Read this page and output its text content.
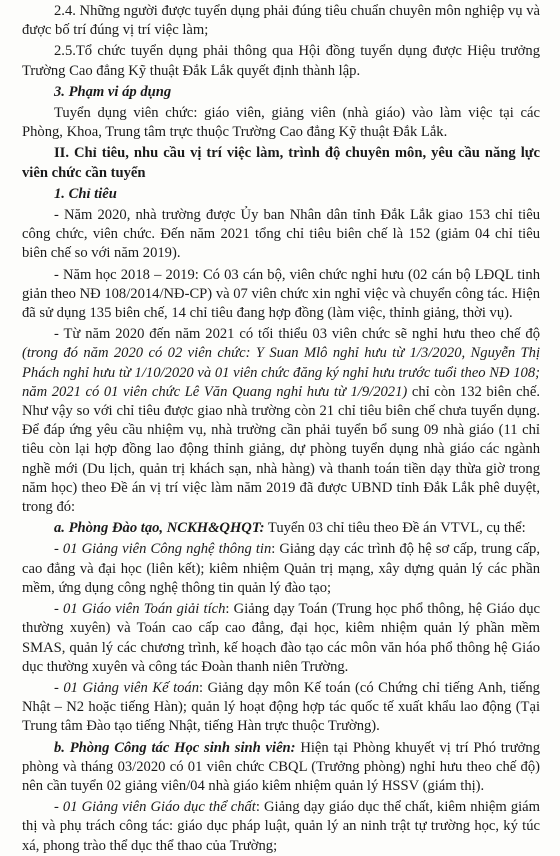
2.4. Những người được tuyển dụng phải đúng tiêu chuẩn chuyên môn nghiệp vụ và được bố trí đúng vị trí việc làm;

2.5.Tổ chức tuyển dụng phải thông qua Hội đồng tuyển dụng được Hiệu trưởng Trường Cao đẳng Kỹ thuật Đắk Lắk quyết định thành lập.

3. Phạm vi áp dụng

Tuyển dụng viên chức: giáo viên, giảng viên (nhà giáo) vào làm việc tại các Phòng, Khoa, Trung tâm trực thuộc Trường Cao đẳng Kỹ thuật Đắk Lắk.

II. Chỉ tiêu, nhu cầu vị trí việc làm, trình độ chuyên môn, yêu cầu năng lực viên chức cần tuyển

1. Chỉ tiêu

- Năm 2020, nhà trường được Ủy ban Nhân dân tỉnh Đắk Lắk giao 153 chỉ tiêu công chức, viên chức. Đến năm 2021 tổng chỉ tiêu biên chế là 152 (giảm 04 chỉ tiêu biên chế so với năm 2019).

- Năm học 2018 – 2019: Có 03 cán bộ, viên chức nghỉ hưu (02 cán bộ LĐQL tinh giản theo NĐ 108/2014/NĐ-CP) và 07 viên chức xin nghỉ việc và chuyển công tác. Hiện đã sử dụng 135 biên chế, 14 chỉ tiêu đang hợp đồng (làm việc, thỉnh giảng, thời vụ).

- Từ năm 2020 đến năm 2021 có tối thiểu 03 viên chức sẽ nghỉ hưu theo chế độ (trong đó năm 2020 có 02 viên chức: Y Suan Mlô nghỉ hưu từ 1/3/2020, Nguyễn Thị Phách nghỉ hưu từ 1/10/2020 và 01 viên chức đăng ký nghỉ hưu trước tuổi theo NĐ 108; năm 2021 có 01 viên chức Lê Văn Quang nghỉ hưu từ 1/9/2021) chỉ còn 132 biên chế. Như vậy so với chỉ tiêu được giao nhà trường còn 21 chỉ tiêu biên chế chưa tuyển dụng. Để đáp ứng yêu cầu nhiệm vụ, nhà trường cần phải tuyển bổ sung 09 nhà giáo (11 chỉ tiêu còn lại hợp đồng lao động thỉnh giảng, dự phòng tuyển dụng nhà giáo các ngành nghề mới (Du lịch, quản trị khách sạn, nhà hàng) và thanh toán tiền dạy thừa giờ trong năm học) theo Đề án vị trí việc làm năm 2019 đã được UBND tỉnh Đắk Lắk phê duyệt, trong đó:

a. Phòng Đào tạo, NCKH&QHQT: Tuyển 03 chỉ tiêu theo Đề án VTVL, cụ thể:

- 01 Giảng viên Công nghệ thông tin: Giảng dạy các trình độ hệ sơ cấp, trung cấp, cao đẳng và đại học (liên kết); kiêm nhiệm Quản trị mạng, xây dựng quản lý các phần mềm, ứng dụng công nghệ thông tin quản lý đào tạo;

- 01 Giáo viên Toán giải tích: Giảng dạy Toán (Trung học phổ thông, hệ Giáo dục thường xuyên) và Toán cao cấp cao đẳng, đại học, kiêm nhiệm quản lý phần mềm SMAS, quản lý các chương trình, kế hoạch đào tạo các môn văn hóa phổ thông hệ Giáo dục thường xuyên và công tác Đoàn thanh niên Trường.

- 01 Giảng viên Kế toán: Giảng dạy môn Kế toán (có Chứng chỉ tiếng Anh, tiếng Nhật – N2 hoặc tiếng Hàn); quản lý hoạt động hợp tác quốc tế xuất khẩu lao động (Tại Trung tâm Đào tạo tiếng Nhật, tiếng Hàn trực thuộc Trường).

b. Phòng Công tác Học sinh sinh viên: Hiện tại Phòng khuyết vị trí Phó trưởng phòng và tháng 03/2020 có 01 viên chức CBQL (Trưởng phòng) nghỉ hưu theo chế độ) nên cần tuyển 02 giảng viên/04 nhà giáo kiêm nhiệm quản lý HSSV (giám thị).

- 01 Giảng viên Giáo dục thể chất: Giảng dạy giáo dục thể chất, kiêm nhiệm giám thị và phụ trách công tác: giáo dục pháp luật, quản lý an ninh trật tự trường học, ký túc xá, phong trào thể dục thể thao của Trường;
